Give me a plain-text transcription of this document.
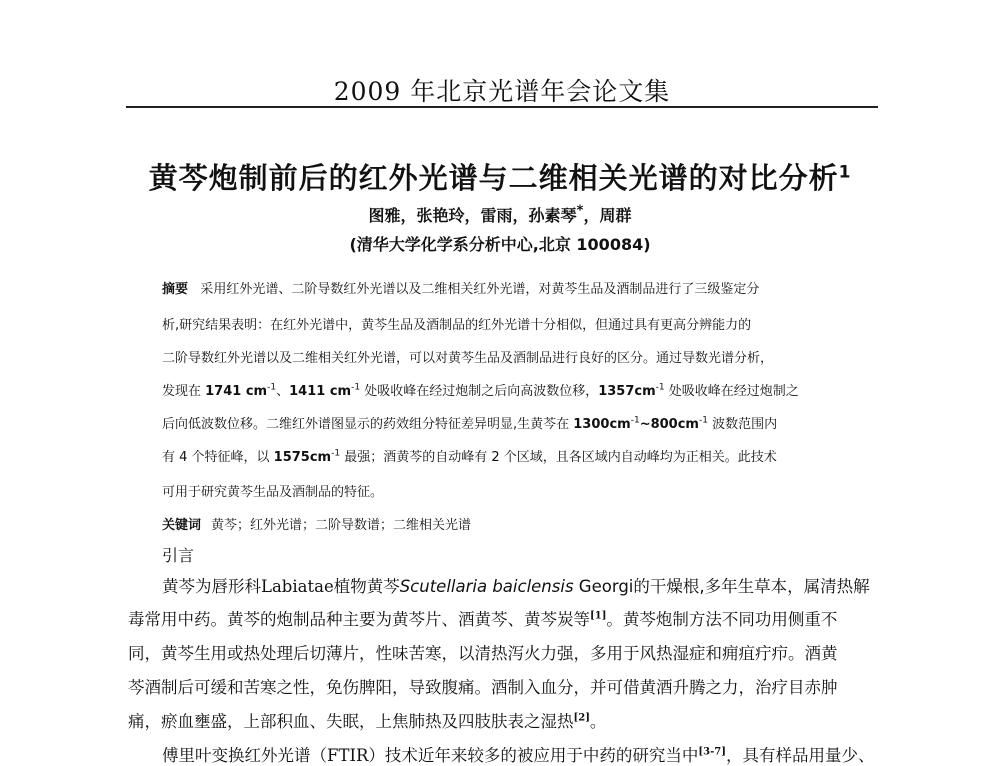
2009 年北京光谱年会论文集
黄芩炮制前后的红外光谱与二维相关光谱的对比分析$^1$
图雅，张艳玲，雷雨，孙素琴*，周群
(清华大学化学系分析中心,北京 100084)
摘要 采用红外光谱、二阶导数红外光谱以及二维相关红外光谱，对黄芩生品及酒制品进行了三级鉴定分
析,研究结果表明：在红外光谱中，黄芩生品及酒制品的红外光谱十分相似，但通过具有更高分辨能力的
二阶导数红外光谱以及二维相关红外光谱，可以对黄芩生品及酒制品进行良好的区分。通过导数光谱分析，
发现在 1741 $cm^{-1}$、1411 $cm^{-1}$ 处吸收峰在经过炮制之后向高波数位移，$1357cm^{-1}$ 处吸收峰在经过炮制之
后向低波数位移。二维红外谱图显示的药效组分特征差异明显,生黄芩在 $1300cm^{-1}\sim 800cm^{-1}$ 波数范围内
有 4 个特征峰，以 $1575cm^{-1}$ 最强；酒黄芩的自动峰有 2 个区域，且各区域内自动峰均为正相关。此技术
可用于研究黄芩生品及酒制品的特征。
关键词 黄芩；红外光谱；二阶导数谱；二维相关光谱
引言
黄芩为唇形科Labiatae植物黄芩Scutellaria baiclensis Georgi的干燥根,多年生草本，属清热解
毒常用中药。黄芩的炮制品种主要为黄芩片、酒黄芩、黄芩炭等[1]。黄芩炮制方法不同功用侧重不
同，黄芩生用或热处理后切薄片，性味苦寒，以清热泻火力强，多用于风热湿症和痈疽疔疖。酒黄
芩酒制后可缓和苦寒之性，免伤脾阳，导致腹痛。酒制入血分，并可借黄酒升腾之力，治疗目赤肿
痛，瘀血壅盛，上部积血、失眠，上焦肺热及四肢肤表之湿热[2]。
傅里叶变换红外光谱（FTIR）技术近年来较多的被应用于中药的研究当中[3-7]，具有样品用量少、
